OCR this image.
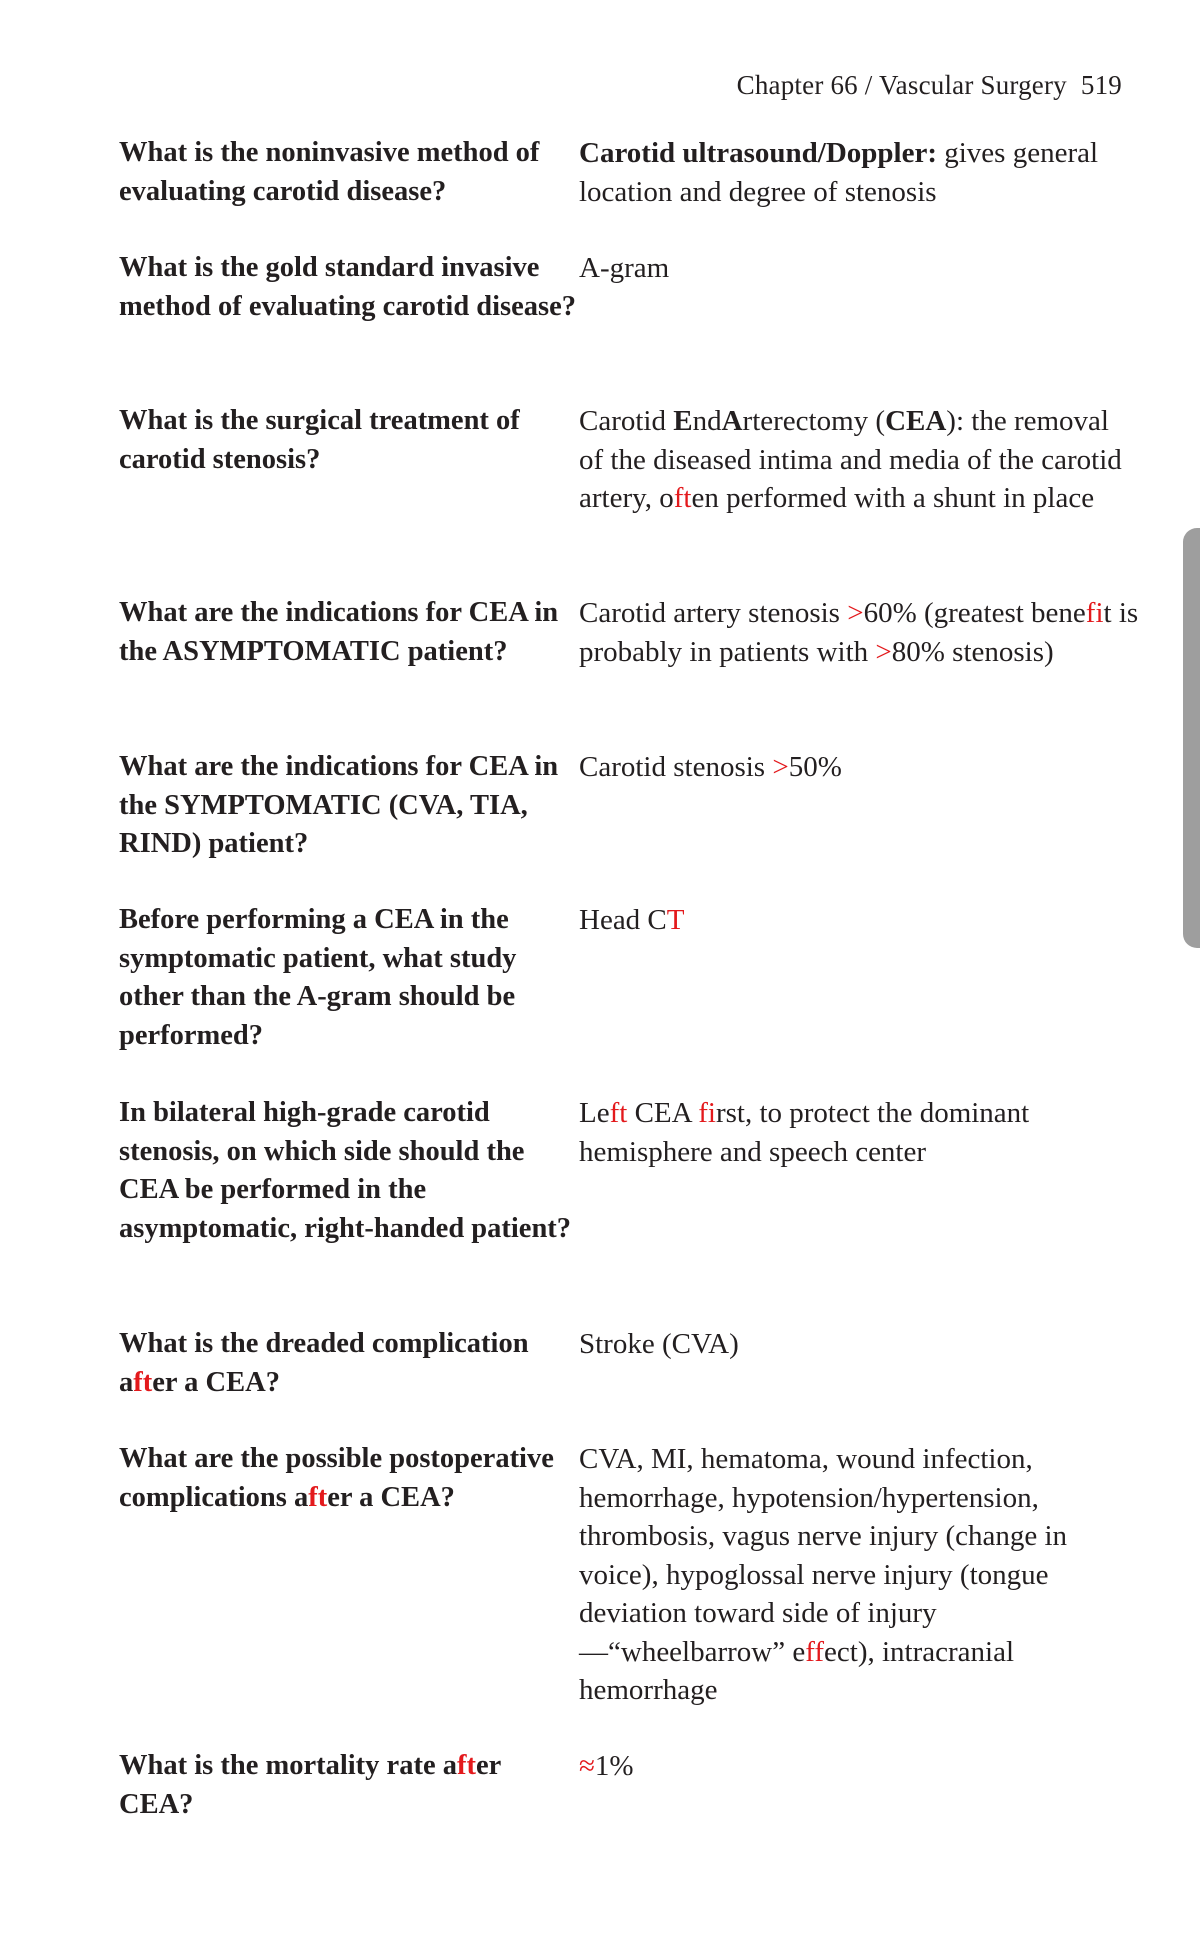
Chapter 66 / Vascular Surgery 519
What is the noninvasive method of evaluating carotid disease?
Carotid ultrasound/Doppler: gives general location and degree of stenosis
What is the gold standard invasive method of evaluating carotid disease?
A-gram
What is the surgical treatment of carotid stenosis?
Carotid EndArterectomy (CEA): the removal of the diseased intima and media of the carotid artery, often performed with a shunt in place
What are the indications for CEA in the ASYMPTOMATIC patient?
Carotid artery stenosis >60% (greatest benefit is probably in patients with >80% stenosis)
What are the indications for CEA in the SYMPTOMATIC (CVA, TIA, RIND) patient?
Carotid stenosis >50%
Before performing a CEA in the symptomatic patient, what study other than the A-gram should be performed?
Head CT
In bilateral high-grade carotid stenosis, on which side should the CEA be performed in the asymptomatic, right-handed patient?
Left CEA first, to protect the dominant hemisphere and speech center
What is the dreaded complication after a CEA?
Stroke (CVA)
What are the possible postoperative complications after a CEA?
CVA, MI, hematoma, wound infection, hemorrhage, hypotension/hypertension, thrombosis, vagus nerve injury (change in voice), hypoglossal nerve injury (tongue deviation toward side of injury—“wheelbarrow” effect), intracranial hemorrhage
What is the mortality rate after CEA?
≈1%
